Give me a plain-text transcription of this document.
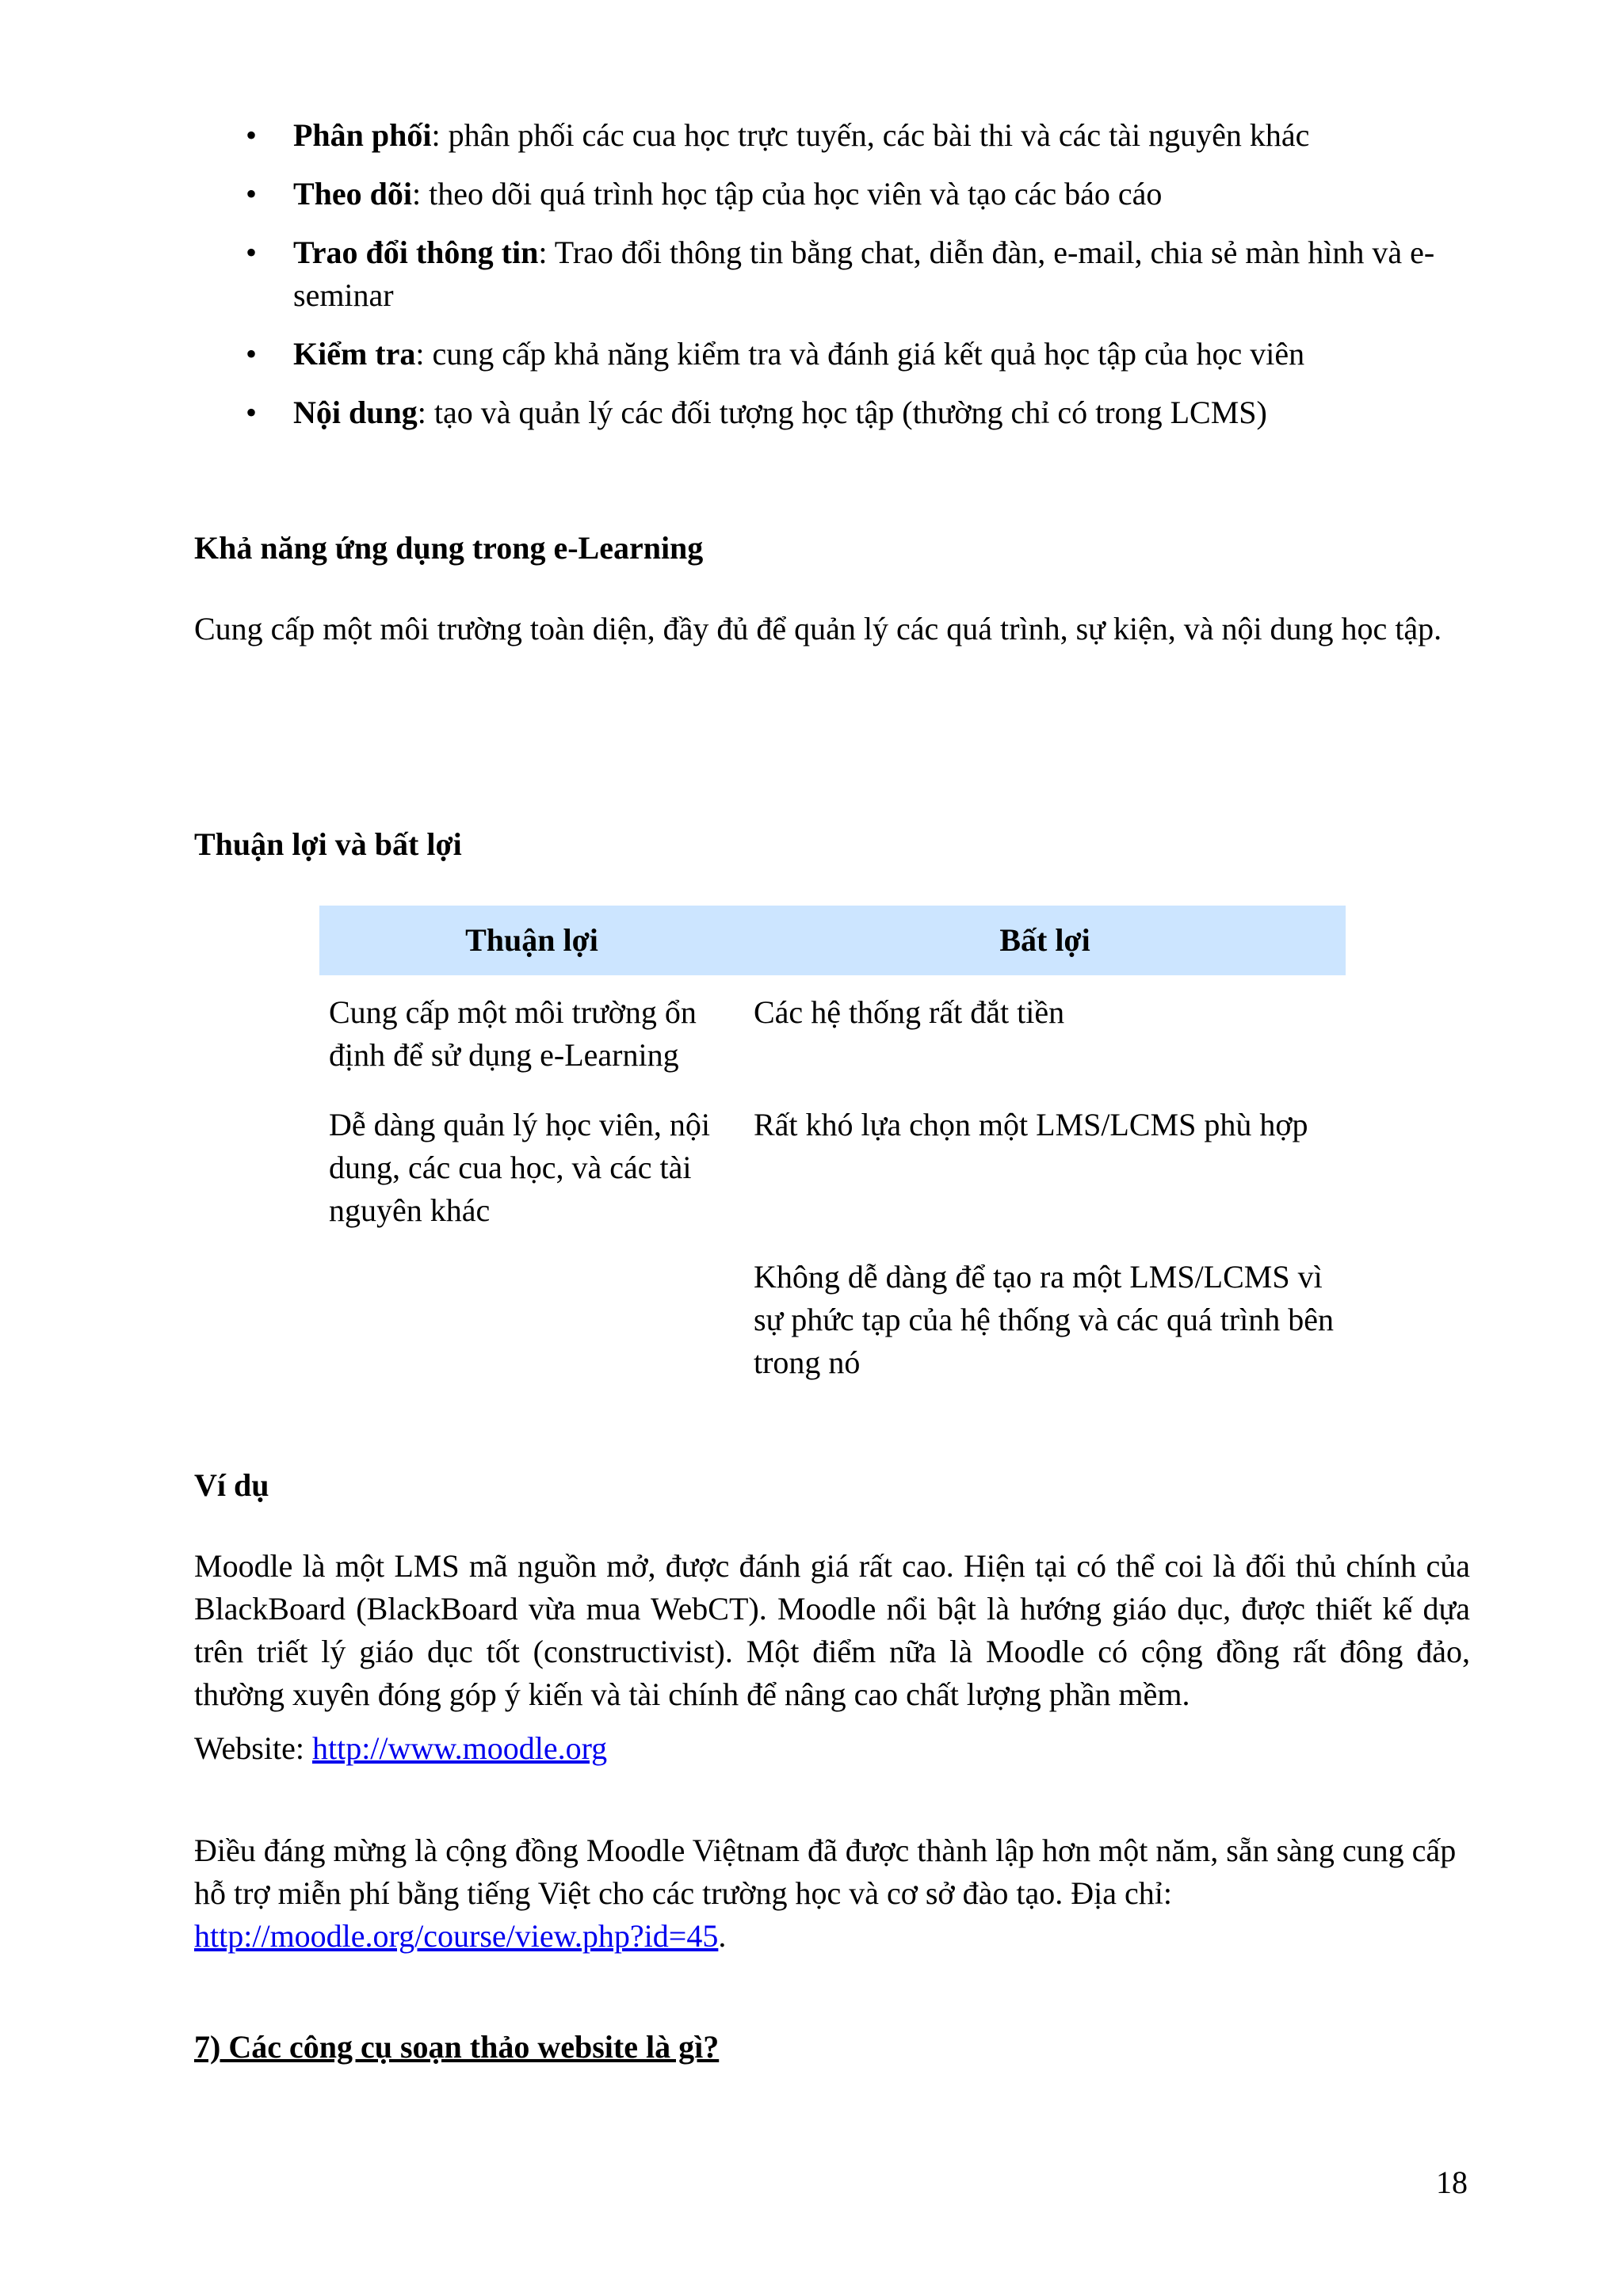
• Phân phối: phân phối các cua học trực tuyến, các bài thi và các tài nguyên khác
• Theo dõi: theo dõi quá trình học tập của học viên và tạo các báo cáo
• Trao đổi thông tin: Trao đổi thông tin bằng chat, diễn đàn, e-mail, chia sẻ màn hình và e-seminar
• Kiểm tra: cung cấp khả năng kiểm tra và đánh giá kết quả học tập của học viên
• Nội dung: tạo và quản lý các đối tượng học tập (thường chỉ có trong LCMS)
Khả năng ứng dụng trong e-Learning
Cung cấp một môi trường toàn diện, đầy đủ để quản lý các quá trình, sự kiện, và nội dung học tập.
Thuận lợi và bất lợi
Thuận lợi	Bất lợi
Cung cấp một môi trường ổn định để sử dụng e-Learning	Các hệ thống rất đắt tiền
Dễ dàng quản lý học viên, nội dung, các cua học, và các tài nguyên khác	Rất khó lựa chọn một LMS/LCMS phù hợp
	Không dễ dàng để tạo ra một LMS/LCMS vì sự phức tạp của hệ thống và các quá trình bên trong nó
Ví dụ
Moodle là một LMS mã nguồn mở, được đánh giá rất cao. Hiện tại có thể coi là đối thủ chính của BlackBoard (BlackBoard vừa mua WebCT). Moodle nổi bật là hướng giáo dục, được thiết kế dựa trên triết lý giáo dục tốt (constructivist). Một điểm nữa là Moodle có cộng đồng rất đông đảo, thường xuyên đóng góp ý kiến và tài chính để nâng cao chất lượng phần mềm.
Website: http://www.moodle.org
Điều đáng mừng là cộng đồng Moodle Việtnam đã được thành lập hơn một năm, sẵn sàng cung cấp hỗ trợ miễn phí bằng tiếng Việt cho các trường học và cơ sở đào tạo. Địa chỉ:
http://moodle.org/course/view.php?id=45.
7) Các công cụ soạn thảo website là gì?
18
